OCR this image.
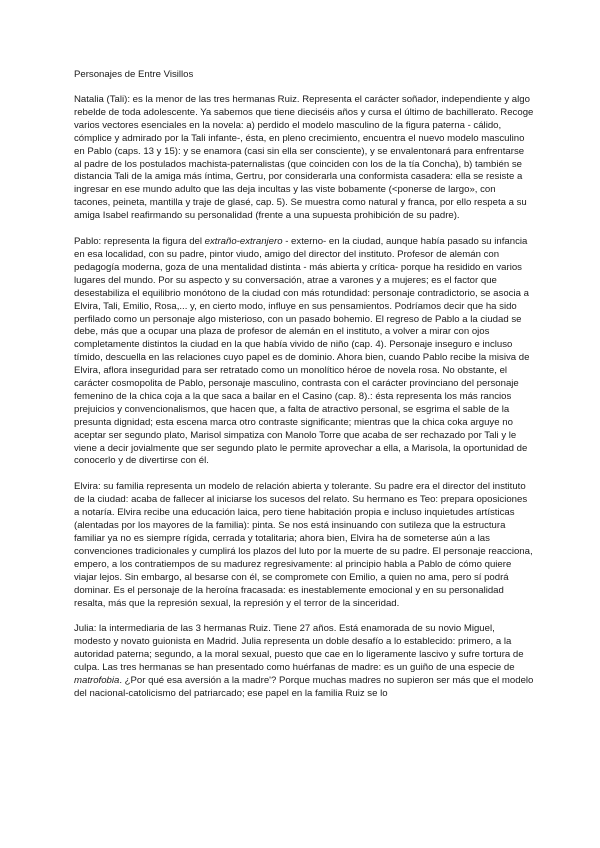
Personajes de Entre Visillos

Natalia (Tali): es la menor de las tres hermanas Ruiz. Representa el carácter soñador, independiente y algo rebelde de toda adolescente. Ya sabemos que tiene dieciséis años y cursa el último de bachillerato. Recoge varios vectores esenciales en la novela: a) perdido el modelo masculino de la figura paterna - cálido, cómplice y admirado por la Tali infante-, ésta, en pleno crecimiento, encuentra el nuevo modelo masculino en Pablo (caps. 13 y 15): y se enamora (casi sin ella ser consciente), y se envalentonará para enfrentarse al padre de los postulados machista-paternalistas (que coinciden con los de la tía Concha), b) también se distancia Tali de la amiga más íntima, Gertru, por considerarla una conformista casadera: ella se resiste a ingresar en ese mundo adulto que las deja incultas y las viste bobamente (<ponerse de largo», con tacones, peineta, mantilla y traje de glasé, cap. 5). Se muestra como natural y franca, por ello respeta a su amiga Isabel reafirmando su personalidad (frente a una supuesta prohibición de su padre).

Pablo: representa la figura del extraño-extranjero - externo- en la ciudad, aunque había pasado su infancia en esa localidad, con su padre, pintor viudo, amigo del director del instituto. Profesor de alemán con pedagogía moderna, goza de una mentalidad distinta - más abierta y crítica- porque ha residido en varios lugares del mundo. Por su aspecto y su conversación, atrae a varones y a mujeres; es el factor que desestabiliza el equilibrio monótono de la ciudad con más rotundidad: personaje contradictorio, se asocia a Elvira, Tali, Emilio, Rosa,... y, en cierto modo, influye en sus pensamientos. Podríamos decir que ha sido perfilado como un personaje algo misterioso, con un pasado bohemio. El regreso de Pablo a la ciudad se debe, más que a ocupar una plaza de profesor de alemán en el instituto, a volver a mirar con ojos completamente distintos la ciudad en la que había vivido de niño (cap. 4). Personaje inseguro e incluso tímido, descuella en las relaciones cuyo papel es de dominio. Ahora bien, cuando Pablo recibe la misiva de Elvira, aflora inseguridad para ser retratado como un monolítico héroe de novela rosa. No obstante, el carácter cosmopolita de Pablo, personaje masculino, contrasta con el carácter provinciano del personaje femenino de la chica coja a la que saca a bailar en el Casino (cap. 8).: ésta representa los más rancios prejuicios y convencionalismos, que hacen que, a falta de atractivo personal, se esgrima el sable de la presunta dignidad; esta escena marca otro contraste significante; mientras que la chica coka arguye no aceptar ser segundo plato, Marisol simpatiza con Manolo Torre que acaba de ser rechazado por Tali y le viene a decir jovialmente que ser segundo plato le permite aprovechar a ella, a Marisola, la oportunidad de conocerlo y de divertirse con él.

Elvira: su familia representa un modelo de relación abierta y tolerante. Su padre era el director del instituto de la ciudad: acaba de fallecer al iniciarse los sucesos del relato. Su hermano es Teo: prepara oposiciones a notaría. Elvira recibe una educación laica, pero tiene habitación propia e incluso inquietudes artísticas (alentadas por los mayores de la familia): pinta. Se nos está insinuando con sutileza que la estructura familiar ya no es siempre rígida, cerrada y totalitaria; ahora bien, Elvira ha de someterse aún a las convenciones tradicionales y cumplirá los plazos del luto por la muerte de su padre. El personaje reacciona, empero, a los contratiempos de su madurez regresivamente: al principio habla a Pablo de cómo quiere viajar lejos. Sin embargo, al besarse con él, se compromete con Emilio, a quien no ama, pero sí podrá dominar. Es el personaje de la heroína fracasada: es inestablemente emocional y en su personalidad resalta, más que la represión sexual, la represión y el terror de la sinceridad.

Julia: la intermediaria de las 3 hermanas Ruiz. Tiene 27 años. Está enamorada de su novio Miguel, modesto y novato guionista en Madrid. Julia representa un doble desafío a lo establecido: primero, a la autoridad paterna; segundo, a la moral sexual, puesto que cae en lo ligeramente lascivo y sufre tortura de culpa. Las tres hermanas se han presentado como huérfanas de madre: es un guiño de una especie de matrofobia. ¿Por qué esa aversión a la madre'? Porque muchas madres no supieron ser más que el modelo del nacional-catolicismo del patriarcado; ese papel en la familia Ruiz se lo
